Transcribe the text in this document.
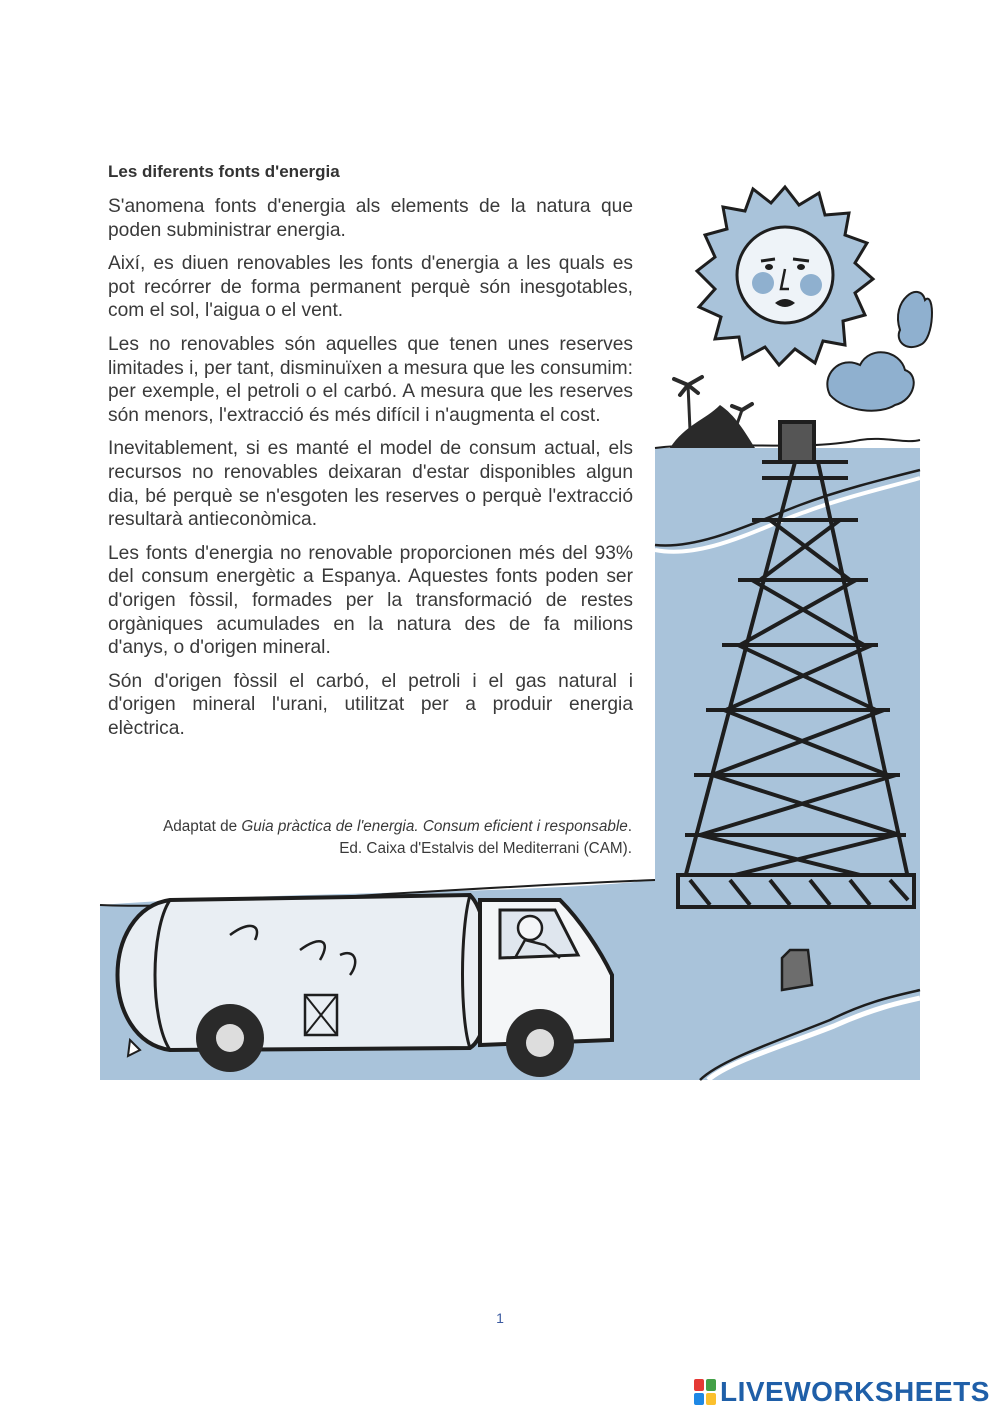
Les diferents fonts d'energia

S'anomena fonts d'energia als elements de la natura que poden subministrar energia.

Així, es diuen renovables les fonts d'energia a les quals es pot recórrer de forma permanent perquè són inesgotables, com el sol, l'aigua o el vent.

Les no renovables són aquelles que tenen unes reserves limitades i, per tant, disminuïxen a mesura que les consumim: per exemple, el petroli o el carbó. A mesura que les reserves són menors, l'extracció és més difícil i n'augmenta el cost.

Inevitablement, si es manté el model de consum actual, els recursos no renovables deixaran d'estar disponibles algun dia, bé perquè se n'esgoten les reserves o perquè l'extracció resultarà antieconòmica.

Les fonts d'energia no renovable proporcionen més del 93% del consum energètic a Espanya. Aquestes fonts poden ser d'origen fòssil, formades per la transformació de restes orgàniques acumulades en la natura des de fa milions d'anys, o d'origen mineral.

Són d'origen fòssil el carbó, el petroli i el gas natural i d'origen mineral l'urani, utilitzat per a produir energia elèctrica.

Adaptat de Guia pràctica de l'energia. Consum eficient i responsable. Ed. Caixa d'Estalvis del Mediterrani (CAM).
1
LIVEWORKSHEETS
